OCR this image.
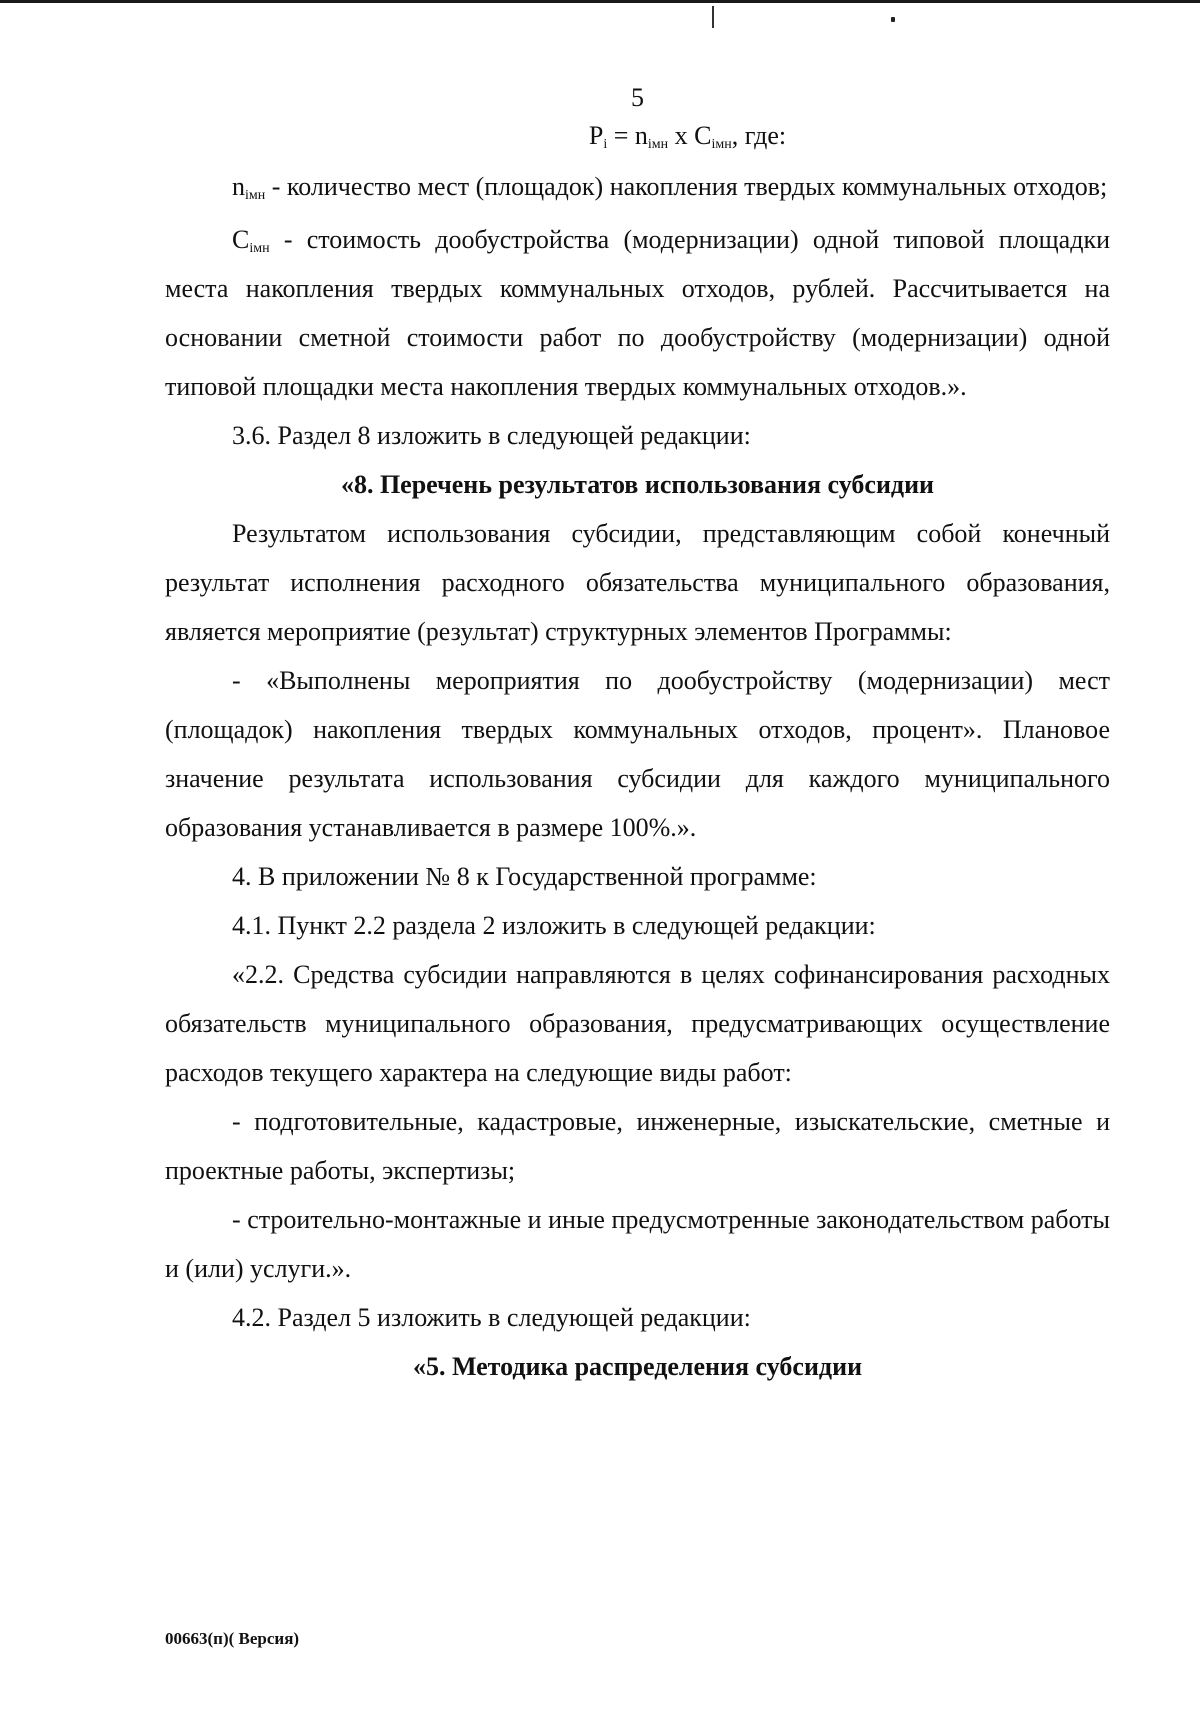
5
$P_i = n_{iмн}$ x $C_{iмн}$, где:

$n_{iмн}$ - количество мест (площадок) накопления твердых коммунальных отходов;

$C_{iмн}$ - стоимость дообустройства (модернизации) одной типовой площадки места накопления твердых коммунальных отходов, рублей. Рассчитывается на основании сметной стоимости работ по дообустройству (модернизации) одной типовой площадки места накопления твердых коммунальных отходов.».

3.6. Раздел 8 изложить в следующей редакции:

«8. Перечень результатов использования субсидии

Результатом использования субсидии, представляющим собой конечный результат исполнения расходного обязательства муниципального образования, является мероприятие (результат) структурных элементов Программы:

- «Выполнены мероприятия по дообустройству (модернизации) мест (площадок) накопления твердых коммунальных отходов, процент». Плановое значение результата использования субсидии для каждого муниципального образования устанавливается в размере 100%.».

4. В приложении № 8 к Государственной программе:

4.1. Пункт 2.2 раздела 2 изложить в следующей редакции:

«2.2. Средства субсидии направляются в целях софинансирования расходных обязательств муниципального образования, предусматривающих осуществление расходов текущего характера на следующие виды работ:

- подготовительные, кадастровые, инженерные, изыскательские, сметные и проектные работы, экспертизы;

- строительно-монтажные и иные предусмотренные законодательством работы и (или) услуги.».

4.2. Раздел 5 изложить в следующей редакции:

«5. Методика распределения субсидии
00663(п)( Версия)
